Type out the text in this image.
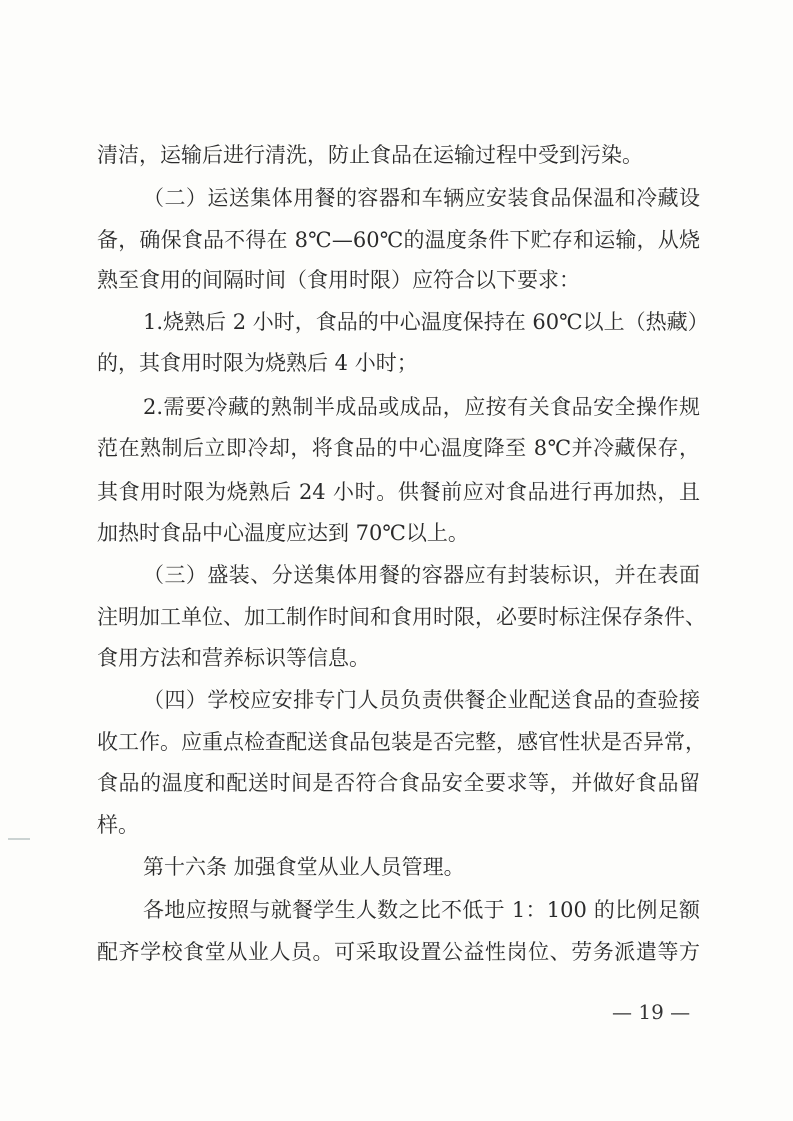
清洁，运输后进行清洗，防止食品在运输过程中受到污染。
（二）运送集体用餐的容器和车辆应安装食品保温和冷藏设
备，确保食品不得在 8℃—60℃的温度条件下贮存和运输，从烧
熟至食用的间隔时间（食用时限）应符合以下要求：
1.烧熟后 2 小时，食品的中心温度保持在 60℃以上（热藏）
的，其食用时限为烧熟后 4 小时；
2.需要冷藏的熟制半成品或成品，应按有关食品安全操作规
范在熟制后立即冷却，将食品的中心温度降至 8℃并冷藏保存，
其食用时限为烧熟后 24 小时。供餐前应对食品进行再加热，且
加热时食品中心温度应达到 70℃以上。
（三）盛装、分送集体用餐的容器应有封装标识，并在表面
注明加工单位、加工制作时间和食用时限，必要时标注保存条件、
食用方法和营养标识等信息。
（四）学校应安排专门人员负责供餐企业配送食品的查验接
收工作。应重点检查配送食品包装是否完整，感官性状是否异常，
食品的温度和配送时间是否符合食品安全要求等，并做好食品留
样。
第十六条 加强食堂从业人员管理。
各地应按照与就餐学生人数之比不低于 1：100 的比例足额
配齐学校食堂从业人员。可采取设置公益性岗位、劳务派遣等方
— 19 —
